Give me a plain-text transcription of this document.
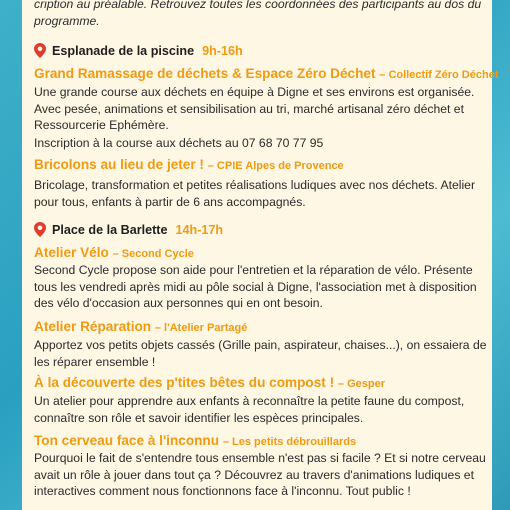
cription au préalable. Retrouvez toutes les coordonnées des participants au dos du programme.

Esplanade de la piscine 9h-16h
Grand Ramassage de déchets & Espace Zéro Déchet – Collectif Zéro Déchet

Une grande course aux déchets en équipe à Digne et ses environs est organisée. Avec pesée, animations et sensibilisation au tri, marché artisanal zéro déchet et Ressourcerie Ephémère.

Inscription à la course aux déchets au 07 68 70 77 95

Bricolons au lieu de jeter ! – CPIE Alpes de Provence

Bricolage, transformation et petites réalisations ludiques avec nos déchets. Atelier pour tous, enfants à partir de 6 ans accompagnés.

Place de la Barlette 14h-17h
Atelier Vélo – Second Cycle

Second Cycle propose son aide pour l'entretien et la réparation de vélo. Présente tous les vendredi après midi au pôle social à Digne, l'association met à disposition des vélo d'occasion aux personnes qui en ont besoin.

Atelier Réparation – l'Atelier Partagé

Apportez vos petits objets cassés (Grille pain, aspirateur, chaises...), on essaiera de les réparer ensemble !

À la découverte des p'tites bêtes du compost ! – Gesper

Un atelier pour apprendre aux enfants à reconnaître la petite faune du compost, connaître son rôle et savoir identifier les espèces principales.

Ton cerveau face à l'inconnu – Les petits débrouillards

Pourquoi le fait de s'entendre tous ensemble n'est pas si facile ? Et si notre cerveau avait un rôle à jouer dans tout ça ? Découvrez au travers d'animations ludiques et interactives comment nous fonctionnons face à l'inconnu. Tout public !
